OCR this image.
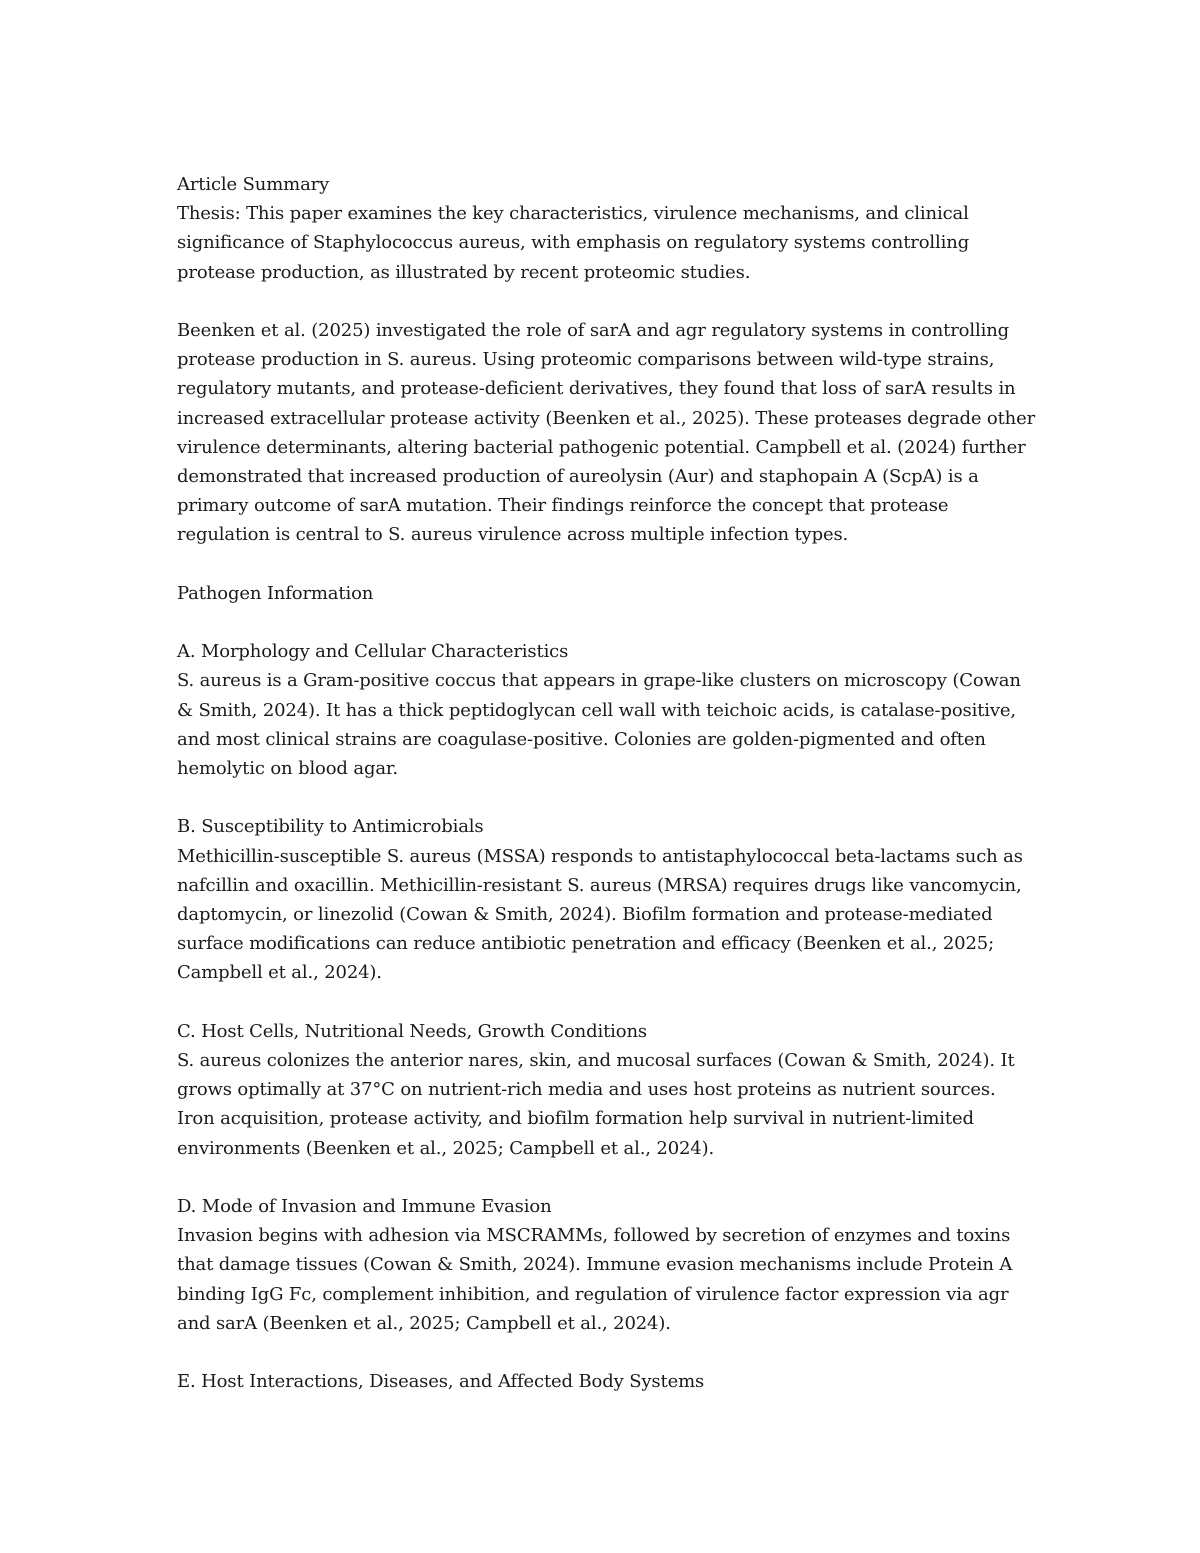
Article Summary

Thesis: This paper examines the key characteristics, virulence mechanisms, and clinical significance of Staphylococcus aureus, with emphasis on regulatory systems controlling protease production, as illustrated by recent proteomic studies.

Beenken et al. (2025) investigated the role of sarA and agr regulatory systems in controlling protease production in S. aureus. Using proteomic comparisons between wild-type strains, regulatory mutants, and protease-deficient derivatives, they found that loss of sarA results in increased extracellular protease activity (Beenken et al., 2025). These proteases degrade other virulence determinants, altering bacterial pathogenic potential. Campbell et al. (2024) further demonstrated that increased production of aureolysin (Aur) and staphopain A (ScpA) is a primary outcome of sarA mutation. Their findings reinforce the concept that protease regulation is central to S. aureus virulence across multiple infection types.

Pathogen Information

A. Morphology and Cellular Characteristics

S. aureus is a Gram-positive coccus that appears in grape-like clusters on microscopy (Cowan & Smith, 2024). It has a thick peptidoglycan cell wall with teichoic acids, is catalase-positive, and most clinical strains are coagulase-positive. Colonies are golden-pigmented and often hemolytic on blood agar.

B. Susceptibility to Antimicrobials

Methicillin-susceptible S. aureus (MSSA) responds to antistaphylococcal beta-lactams such as nafcillin and oxacillin. Methicillin-resistant S. aureus (MRSA) requires drugs like vancomycin, daptomycin, or linezolid (Cowan & Smith, 2024). Biofilm formation and protease-mediated surface modifications can reduce antibiotic penetration and efficacy (Beenken et al., 2025; Campbell et al., 2024).

C. Host Cells, Nutritional Needs, Growth Conditions

S. aureus colonizes the anterior nares, skin, and mucosal surfaces (Cowan & Smith, 2024). It grows optimally at 37°C on nutrient-rich media and uses host proteins as nutrient sources. Iron acquisition, protease activity, and biofilm formation help survival in nutrient-limited environments (Beenken et al., 2025; Campbell et al., 2024).

D. Mode of Invasion and Immune Evasion

Invasion begins with adhesion via MSCRAMMs, followed by secretion of enzymes and toxins that damage tissues (Cowan & Smith, 2024). Immune evasion mechanisms include Protein A binding IgG Fc, complement inhibition, and regulation of virulence factor expression via agr and sarA (Beenken et al., 2025; Campbell et al., 2024).

E. Host Interactions, Diseases, and Affected Body Systems
